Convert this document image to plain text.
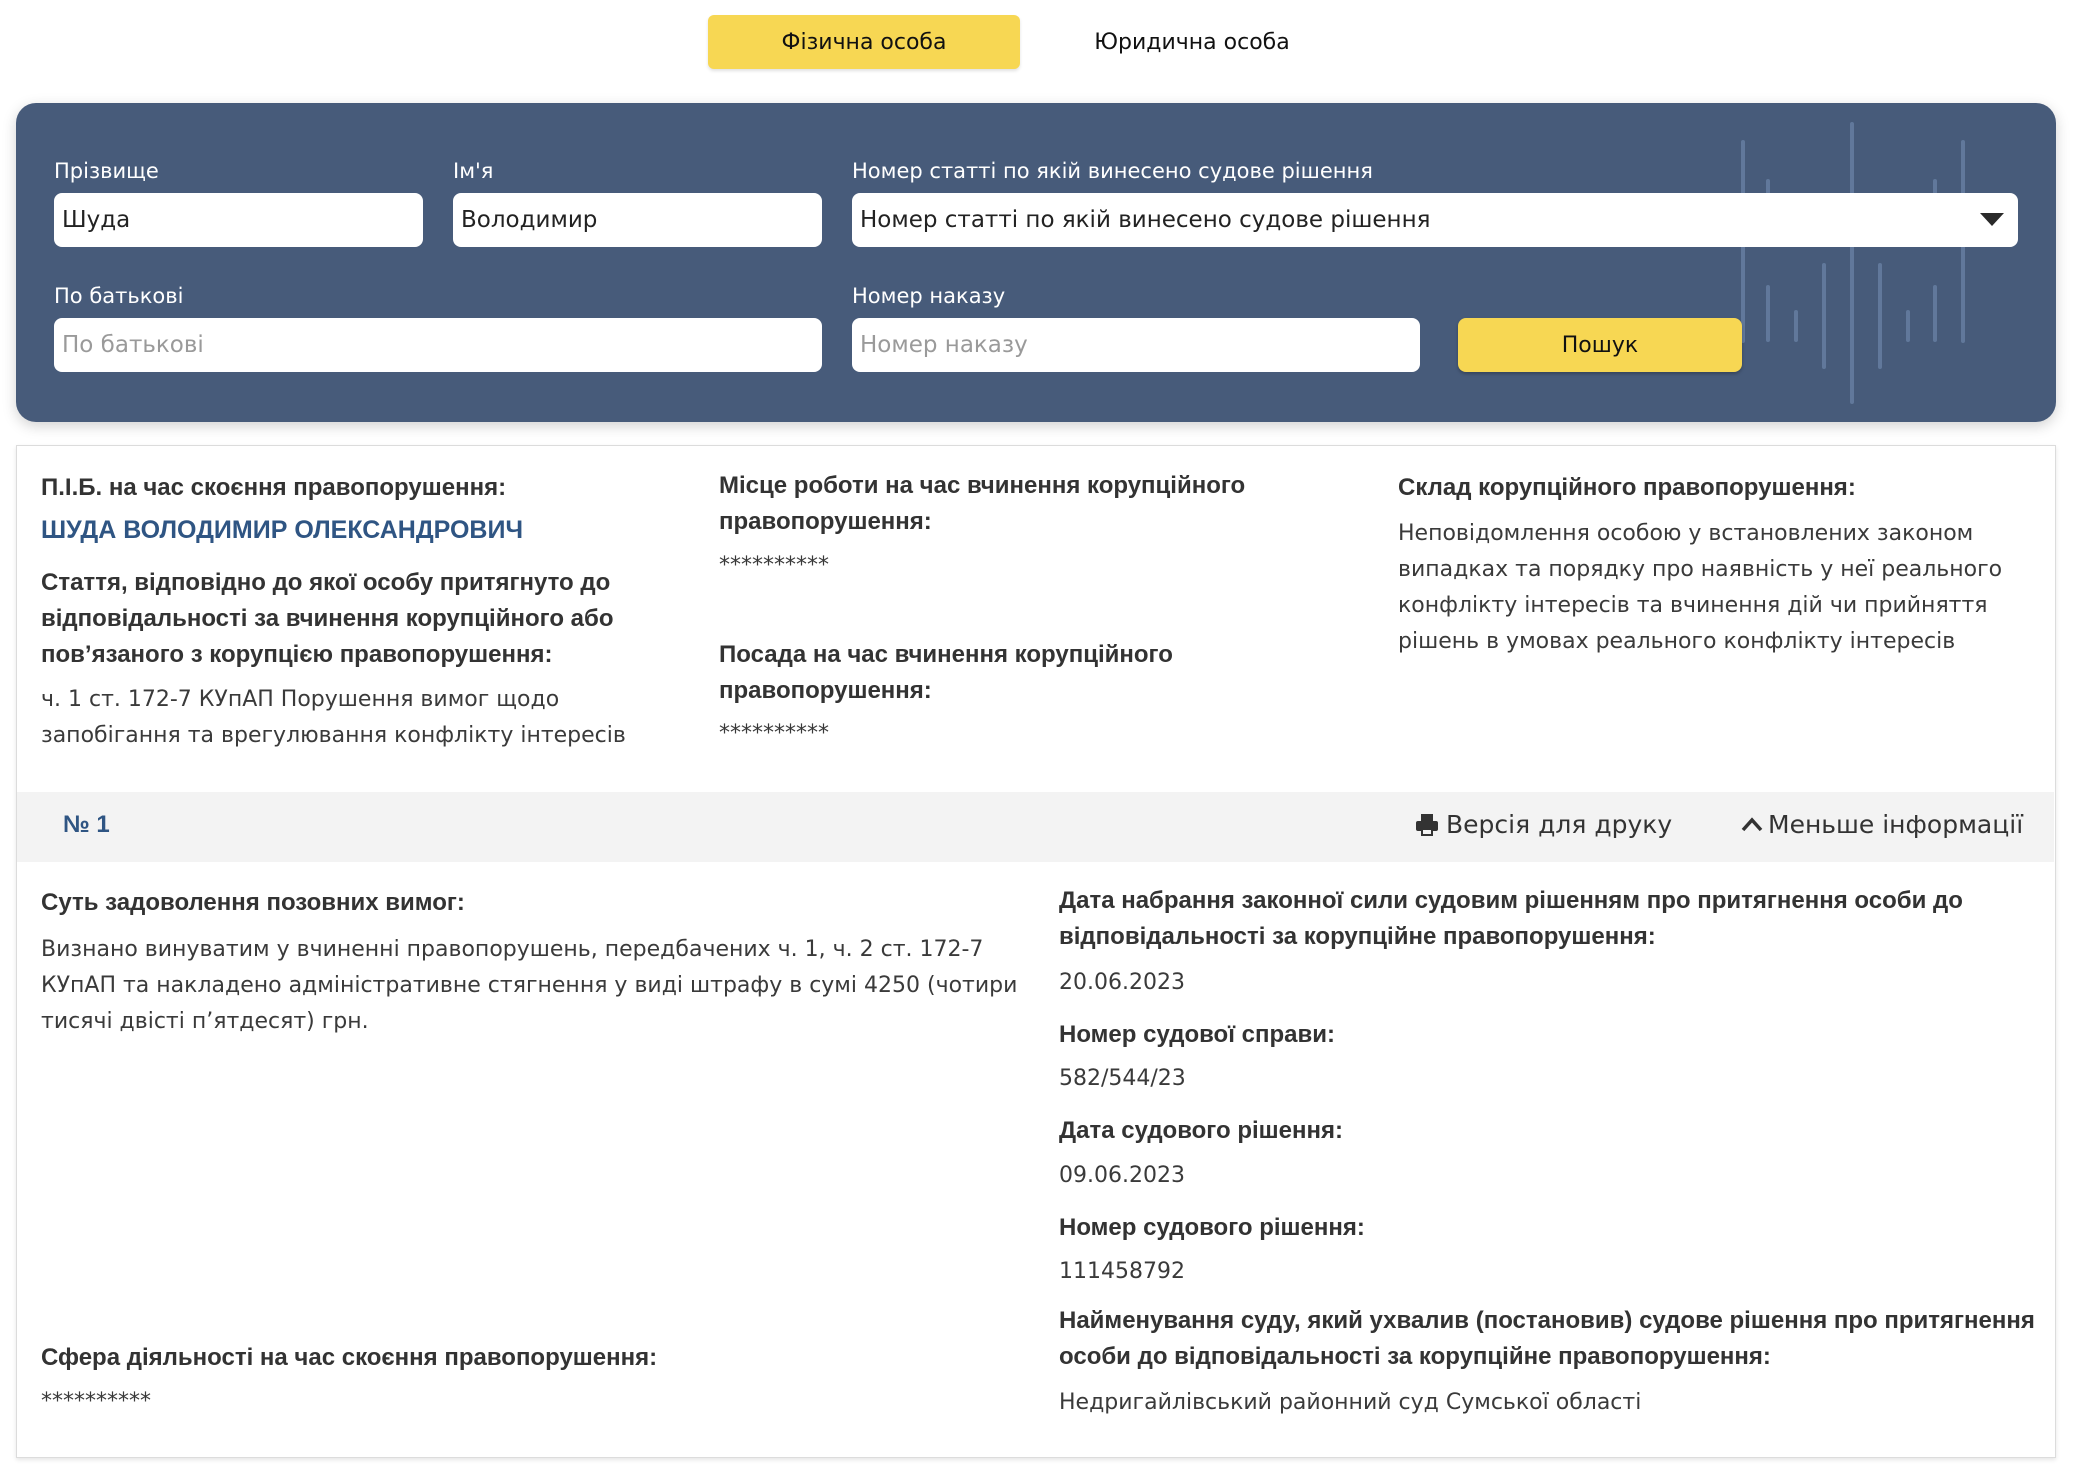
Фізична особа	Юридична особа
Прізвище
Шуда
Ім'я
Володимир
Номер статті по якій винесено судове рішення
Номер статті по якій винесено судове рішення
По батькові
По батькові
Номер наказу
Номер наказу	Пошук
П.І.Б. на час скоєння правопорушення:
ШУДА ВОЛОДИМИР ОЛЕКСАНДРОВИЧ
Стаття, відповідно до якої особу притягнуто до відповідальності за вчинення корупційного або пов’язаного з корупцією правопорушення:
ч. 1 ст. 172-7 КУпАП Порушення вимог щодо запобігання та врегулювання конфлікту інтересів
Місце роботи на час вчинення корупційного правопорушення:
**********
Посада на час вчинення корупційного правопорушення:
**********
Склад корупційного правопорушення:
Неповідомлення особою у встановлених законом випадках та порядку про наявність у неї реального конфлікту інтересів та вчинення дій чи прийняття рішень в умовах реального конфлікту інтересів
№ 1	Версія для друку	Меньше інформації
Суть задоволення позовних вимог:
Визнано винуватим у вчиненні правопорушень, передбачених ч. 1, ч. 2 ст. 172-7 КУпАП та накладено адміністративне стягнення у виді штрафу в сумі 4250 (чотири тисячі двісті п’ятдесят) грн.
Сфера діяльності на час скоєння правопорушення:
**********
Дата набрання законної сили судовим рішенням про притягнення особи до відповідальності за корупційне правопорушення:
20.06.2023
Номер судової справи:
582/544/23
Дата судового рішення:
09.06.2023
Номер судового рішення:
111458792
Найменування суду, який ухвалив (постановив) судове рішення про притягнення особи до відповідальності за корупційне правопорушення:
Недригайлівський районний суд Сумської області
